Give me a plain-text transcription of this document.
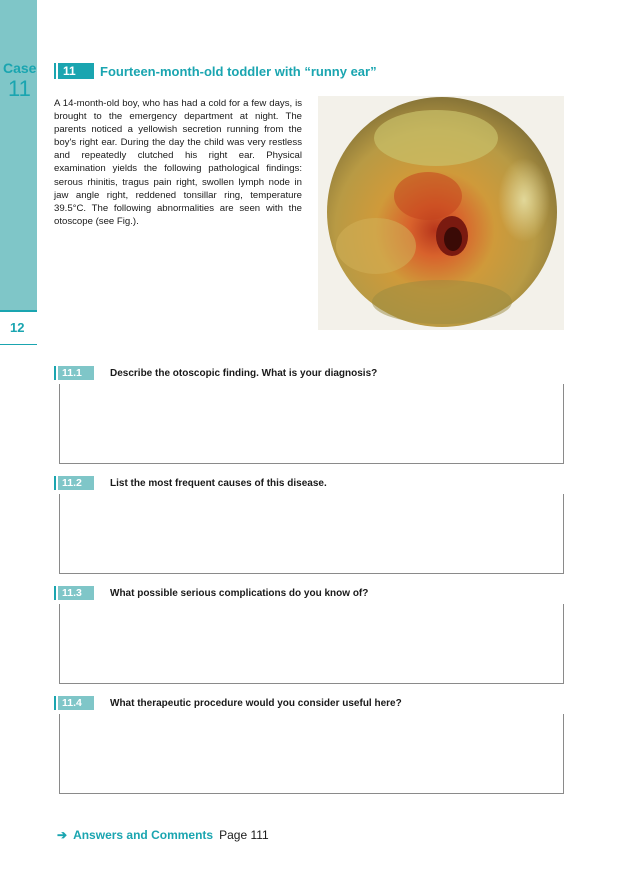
Case
11
12
11	Fourteen-month-old toddler with “runny ear”

A 14-month-old boy, who has had a cold for a few days, is brought to the emergency department at night. The parents noticed a yellowish secretion running from the boy's right ear. During the day the child was very restless and repeatedly clutched his right ear. Physical examination yields the following pathological findings: serous rhinitis, tragus pain right, swollen lymph node in jaw angle right, reddened tonsillar ring, temperature 39.5°C. The following abnormalities are seen with the otoscope (see Fig.).

11.1	Describe the otoscopic finding. What is your diagnosis?
11.2	List the most frequent causes of this disease.
11.3	What possible serious complications do you know of?
11.4	What therapeutic procedure would you consider useful here?
➔ Answers and Comments Page 111
